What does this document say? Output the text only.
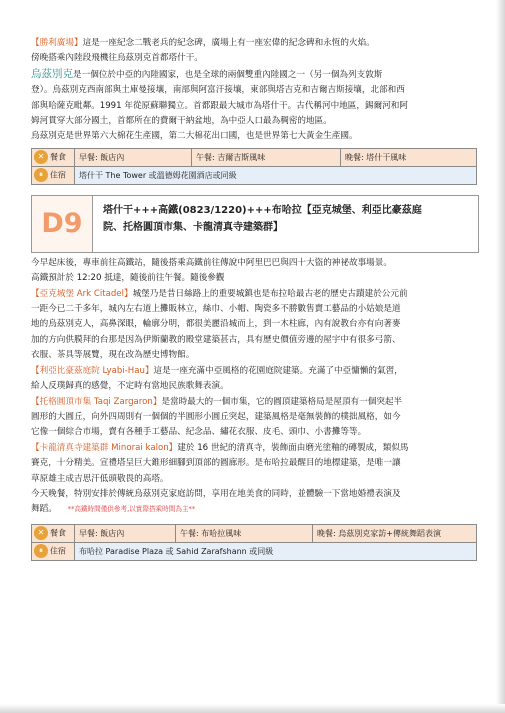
【勝利廣場】這是一座紀念二戰老兵的紀念碑，廣場上有一座宏偉的紀念碑和永恆的火焰。

傍晚搭乘內陸段飛機往烏茲別克首都塔什干。

烏茲別克是一個位於中亞的內陸國家，也是全球的兩個雙重內陸國之一（另一個為列支敦斯

登）。烏茲別克西南部與土庫曼接壤，南部與阿富汗接壤，東部與塔吉克和吉爾吉斯接壤，北部和西

部與哈薩克毗鄰。1991 年從原蘇聯獨立。首都跟最大城市為塔什干。古代稱河中地區，錫爾河和阿

姆河貫穿大部分國土，首都所在的費爾干納盆地，為中亞人口最為稠密的地區。

烏茲別克是世界第六大棉花生產國，第二大棉花出口國，也是世界第七大黃金生產國。

✕ 餐食	早餐: 飯店內	午餐: 吉爾吉斯風味	晚餐: 塔什干風味
⏸ 住宿	塔什干 The Tower 或溫德姆花園酒店或同級		
D9	塔什干+++高鐵(0823/1220)+++布哈拉【亞克城堡、利亞比豪茲庭
院、托格圓頂市集、卡龍清真寺建築群】

今早起床後，專車前往高鐵站，隨後搭乘高鐵前往傳說中阿里巴巴與四十大盜的神祕故事場景。

高鐵預計於 12:20 抵達，隨後前往午餐。隨後參觀

【亞克城堡 Ark Citadel】城堡乃是昔日絲路上的重要城鎮也是布拉哈最古老的歷史古蹟建於公元前

一距今已二千多年，城內左右道上攤販林立，絲巾、小帽、陶瓷多不勝數售賣工藝品的小姑娘是道

地的烏茲別克人，高鼻深眼，輪廓分明，都很美麗沿城而上，到一木柱廊，內有說教台亦有向著麥

加的方向供膜拜的台那是因為伊斯蘭教的殿堂建築甚古，具有歷史價值旁邊的屋宇中有很多弓箭、

衣服、茶具等展覽，現在改為歷史博物館。

【利亞比豪茲庭院 Lyabi-Hau】這是一座充滿中亞風格的花園庭院建築。充滿了中亞慵懶的氣習，

給人反璞歸真的感覺，不定時有當地民族歌舞表演。

【托格圓頂市集 Taqi Zargaron】是當時最大的一個市集，它的圓頂建築格局是屋頂有一個突起半

圓形的大圓丘，向外四周則有一個個的半圓形小圓丘突起，建築風格是毫無裝飾的樸拙風格，如今

它像一個綜合市場，賣有各種手工藝品、紀念品、繡花衣服、皮毛、頭巾、小書攤等等。

【卡龍清真寺建築群 Minorai kalon】建於 16 世紀的清真寺，裝飾面由磨光塗釉的磚製成，類似馬

賽克，十分精美。宣禮塔呈巨大錐形細腳到頂部的圓廊形。是布哈拉最醒目的地標建築，是唯一讓

草原雄主成吉思汗低頭敬畏的高塔。

今天晚餐，特別安排於傳統烏茲別克家庭訪問，享用在地美食的同時，並體驗一下當地婚禮表演及

舞蹈。 **高鐵時間僅供參考,以實際搭乘時間為主**

✕ 餐食	早餐: 飯店內	午餐: 布哈拉風味	晚餐: 烏茲別克家訪+傳統舞蹈表演
⏸ 住宿	布哈拉 Paradise Plaza 或 Sahid Zarafshann 或同級		
